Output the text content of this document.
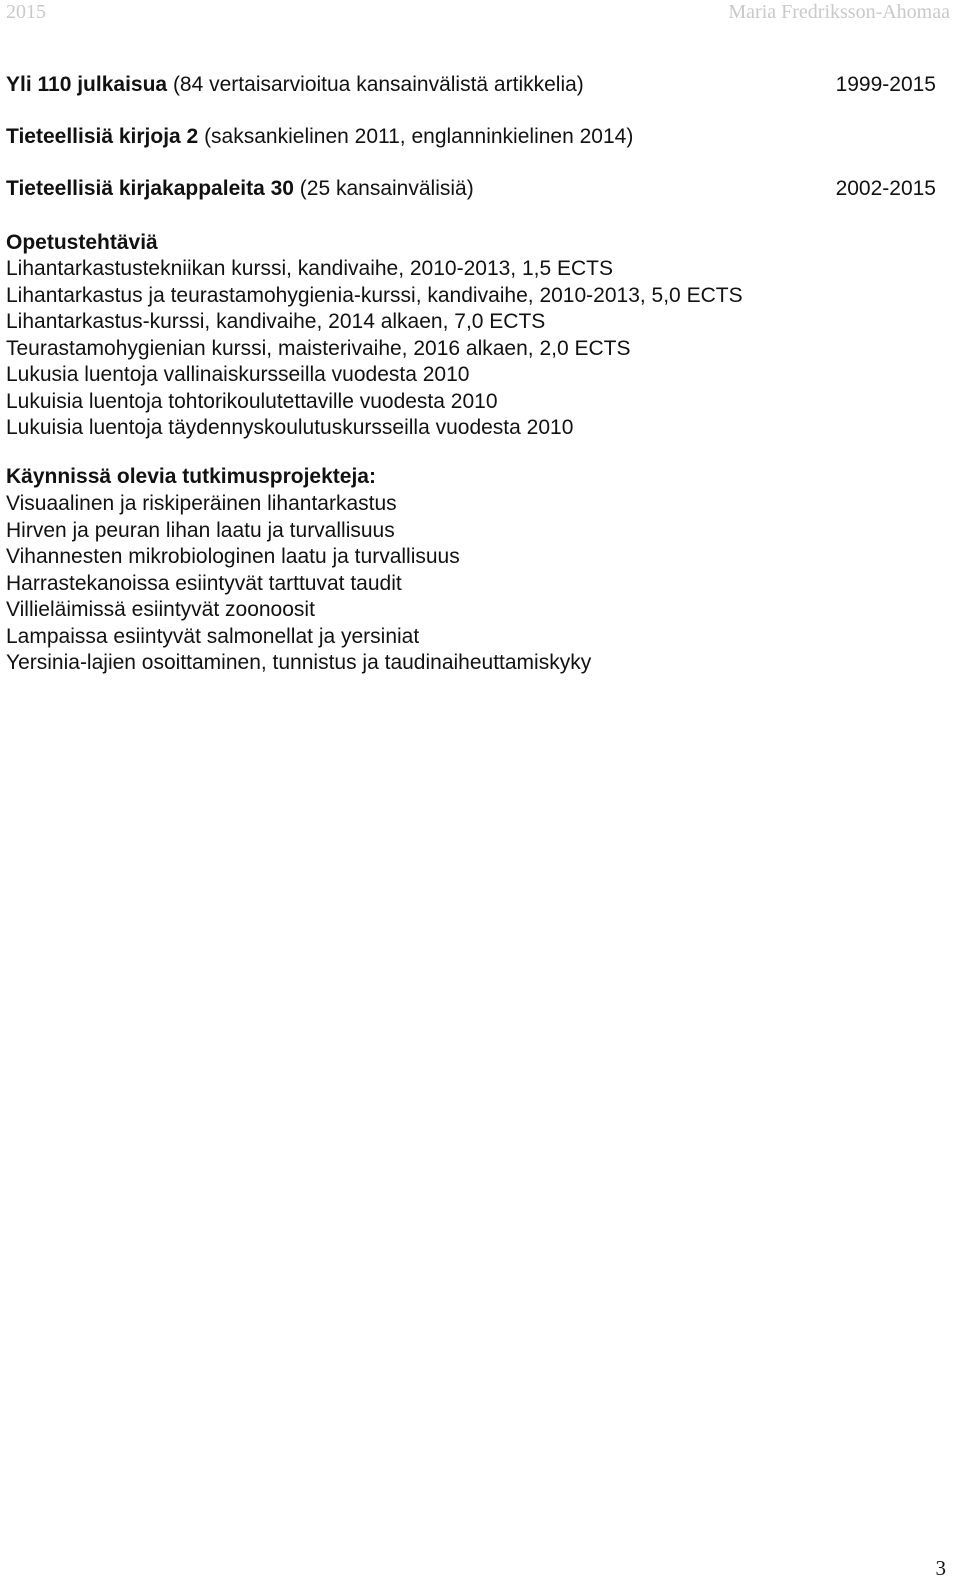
2015	Maria Fredriksson-Ahomaa
Yli 110 julkaisua (84 vertaisarvioitua kansainvälistä artikkelia)	1999-2015
Tieteellisiä kirjoja 2 (saksankielinen 2011, englanninkielinen 2014)
Tieteellisiä kirjakappaleita 30 (25 kansainvälisiä)	2002-2015
Opetustehtäviä
Lihantarkastustekniikan kurssi, kandivaihe, 2010-2013, 1,5 ECTS
Lihantarkastus ja teurastamohygienia-kurssi, kandivaihe, 2010-2013, 5,0 ECTS
Lihantarkastus-kurssi, kandivaihe, 2014 alkaen, 7,0 ECTS
Teurastamohygienian kurssi, maisterivaihe, 2016 alkaen, 2,0 ECTS
Lukusia luentoja vallinaiskursseilla vuodesta 2010
Lukuisia luentoja tohtorikoulutettaville vuodesta 2010
Lukuisia luentoja täydennyskoulutuskursseilla vuodesta 2010
Käynnissä olevia tutkimusprojekteja:
Visuaalinen ja riskiperäinen lihantarkastus
Hirven ja peuran lihan laatu ja turvallisuus
Vihannesten mikrobiologinen laatu ja turvallisuus
Harrastekanoissa esiintyvät tarttuvat taudit
Villieläimissä esiintyvät zoonoosit
Lampaissa esiintyvät salmonellat ja yersiniat
Yersinia-lajien osoittaminen, tunnistus ja taudinaiheuttamiskyky
3
